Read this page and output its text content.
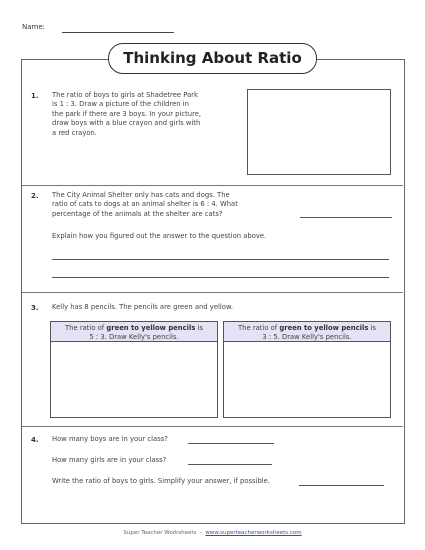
Name:
Thinking About Ratio
1. The ratio of boys to girls at Shadetree Park
is 1 : 3. Draw a picture of the children in
the park if there are 3 boys. In your picture,
draw boys with a blue crayon and girls with
a red crayon.
2. The City Animal Shelter only has cats and dogs. The
ratio of cats to dogs at an animal shelter is 6 : 4. What
percentage of the animals at the shelter are cats?
Explain how you figured out the answer to the question above.
3. Kelly has 8 pencils. The pencils are green and yellow.
The ratio of green to yellow pencils is
5 : 3. Draw Kelly's pencils.
The ratio of green to yellow pencils is
3 : 5. Draw Kelly's pencils.
4. How many boys are in your class?
How many girls are in your class?
Write the ratio of boys to girls. Simplify your answer, if possible.
Super Teacher Worksheets - www.superteacherworksheets.com
